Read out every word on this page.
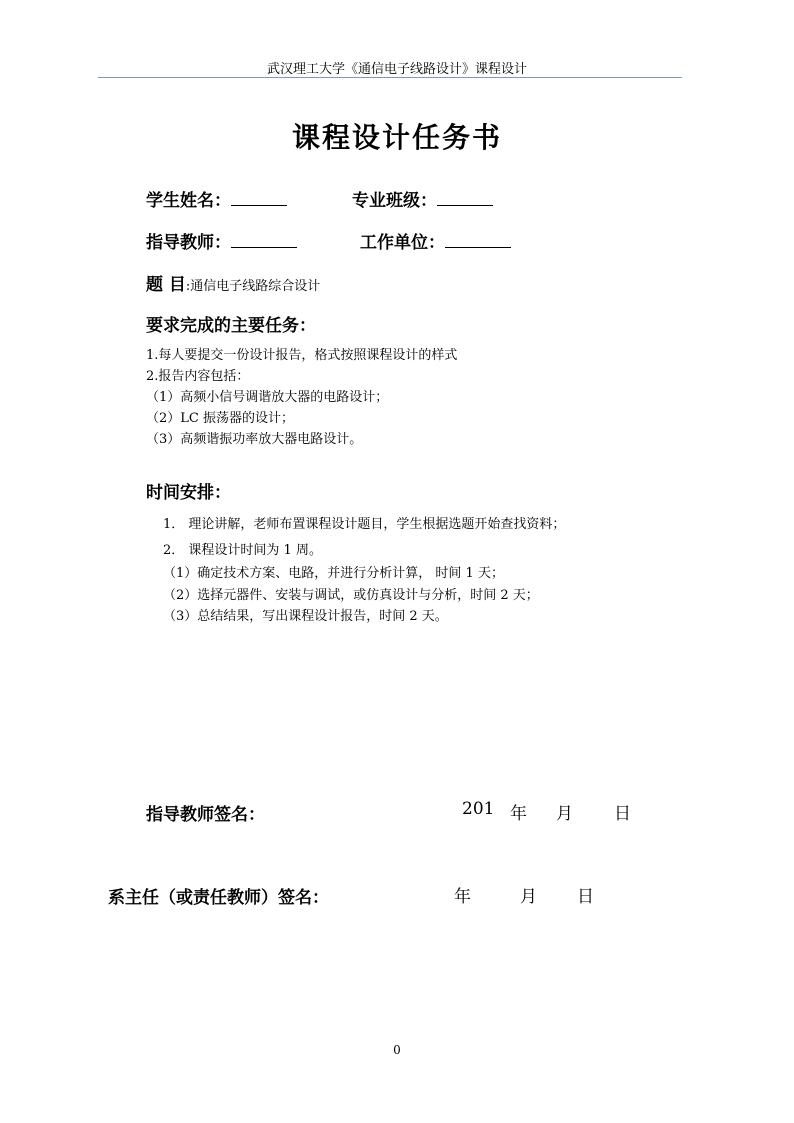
武汉理工大学《通信电子线路设计》课程设计
课程设计任务书
学生姓名：	专业班级：
指导教师：	工作单位：
题 目:通信电子线路综合设计
要求完成的主要任务：
1.每人要提交一份设计报告，格式按照课程设计的样式
2.报告内容包括：
（1）高频小信号调谐放大器的电路设计；
（2）LC 振荡器的设计；
（3）高频谐振功率放大器电路设计。
时间安排：
1． 理论讲解，老师布置课程设计题目，学生根据选题开始查找资料；
2． 课程设计时间为 1 周。
（1）确定技术方案、电路，并进行分析计算， 时间 1 天；
（2）选择元器件、安装与调试，或仿真设计与分析，时间 2 天；
（3）总结结果，写出课程设计报告，时间 2 天。
指导教师签名：	201 年 月 日
系主任（或责任教师）签名：	年	月 日
0
